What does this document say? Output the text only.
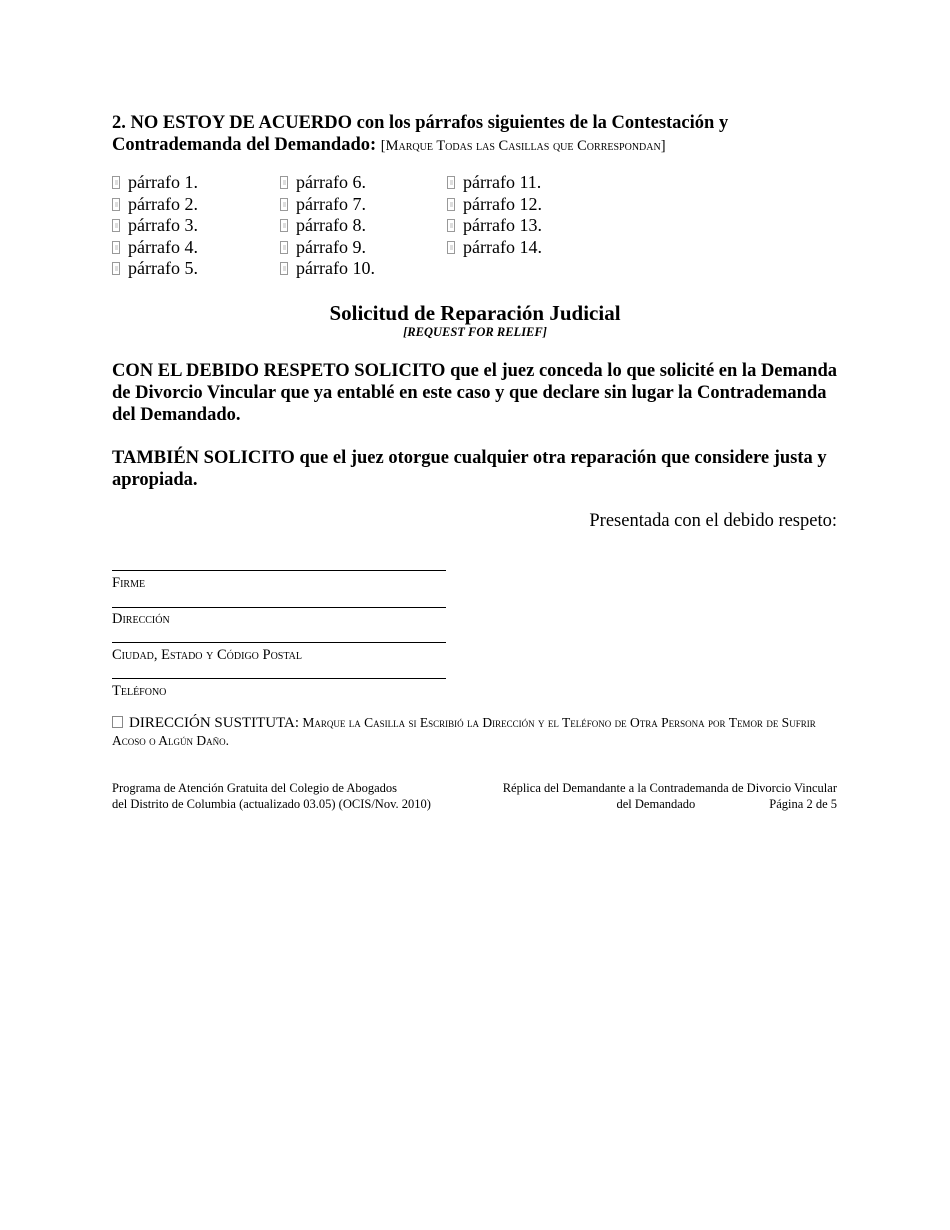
2. NO ESTOY DE ACUERDO con los párrafos siguientes de la Contestación y Contrademanda del Demandado: [Marque Todas las Casillas que Correspondan]
párrafo 1.
párrafo 2.
párrafo 3.
párrafo 4.
párrafo 5.
párrafo 6.
párrafo 7.
párrafo 8.
párrafo 9.
párrafo 10.
párrafo 11.
párrafo 12.
párrafo 13.
párrafo 14.
Solicitud de Reparación Judicial
[REQUEST FOR RELIEF]
CON EL DEBIDO RESPETO SOLICITO que el juez conceda lo que solicité en la Demanda de Divorcio Vincular que ya entablé en este caso y que declare sin lugar la Contrademanda del Demandado.
TAMBIÉN SOLICITO que el juez otorgue cualquier otra reparación que considere justa y apropiada.
Presentada con el debido respeto:
Firme
Dirección
Ciudad, Estado y Código Postal
Teléfono
DIRECCIÓN SUSTITUTA: Marque la Casilla si Escribió la Dirección y el Teléfono de Otra Persona por Temor de Sufrir Acoso o Algún Daño.
Programa de Atención Gratuita del Colegio de Abogados
del Distrito de Columbia (actualizado 03.05) (OCIS/Nov. 2010)
Réplica del Demandante a la Contrademanda de Divorcio Vincular
del Demandado	Página 2 de 5
